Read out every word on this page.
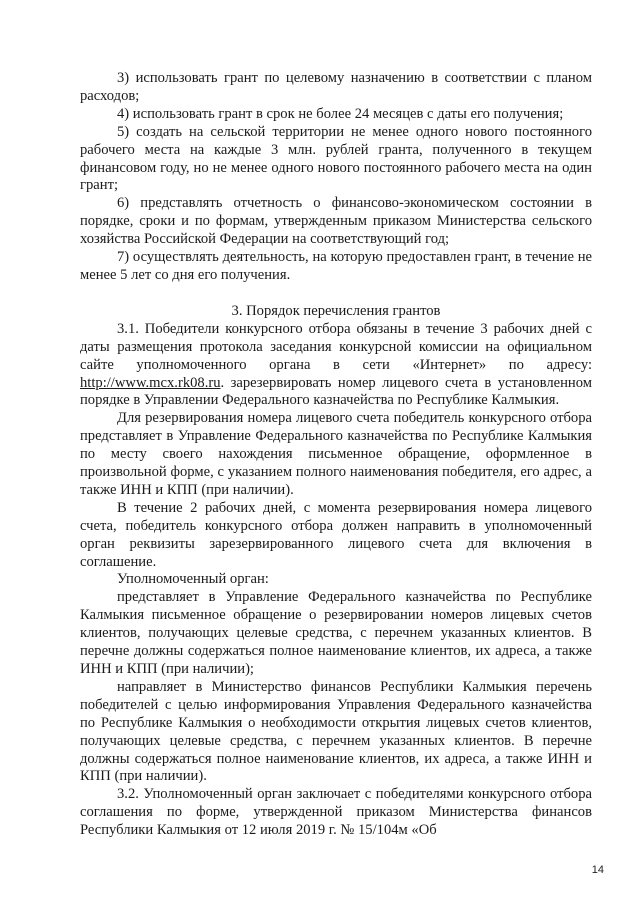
3) использовать грант по целевому назначению в соответствии с планом расходов;

4) использовать грант в срок не более 24 месяцев с даты его получения;

5) создать на сельской территории не менее одного нового постоянного рабочего места на каждые 3 млн. рублей гранта, полученного в текущем финансовом году, но не менее одного нового постоянного рабочего места на один грант;

6) представлять отчетность о финансово-экономическом состоянии в порядке, сроки и по формам, утвержденным приказом Министерства сельского хозяйства Российской Федерации на соответствующий год;

7) осуществлять деятельность, на которую предоставлен грант, в течение не менее 5 лет со дня его получения.

3. Порядок перечисления грантов

3.1. Победители конкурсного отбора обязаны в течение 3 рабочих дней с даты размещения протокола заседания конкурсной комиссии на официальном сайте уполномоченного органа в сети «Интернет» по адресу: http://www.mcx.rk08.ru. зарезервировать номер лицевого счета в установленном порядке в Управлении Федерального казначейства по Республике Калмыкия.

Для резервирования номера лицевого счета победитель конкурсного отбора представляет в Управление Федерального казначейства по Республике Калмыкия по месту своего нахождения письменное обращение, оформленное в произвольной форме, с указанием полного наименования победителя, его адрес, а также ИНН и КПП (при наличии).

В течение 2 рабочих дней, с момента резервирования номера лицевого счета, победитель конкурсного отбора должен направить в уполномоченный орган реквизиты зарезервированного лицевого счета для включения в соглашение.

Уполномоченный орган:

представляет в Управление Федерального казначейства по Республике Калмыкия письменное обращение о резервировании номеров лицевых счетов клиентов, получающих целевые средства, с перечнем указанных клиентов. В перечне должны содержаться полное наименование клиентов, их адреса, а также ИНН и КПП (при наличии);

направляет в Министерство финансов Республики Калмыкия перечень победителей с целью информирования Управления Федерального казначейства по Республике Калмыкия о необходимости открытия лицевых счетов клиентов, получающих целевые средства, с перечнем указанных клиентов. В перечне должны содержаться полное наименование клиентов, их адреса, а также ИНН и КПП (при наличии).

3.2. Уполномоченный орган заключает с победителями конкурсного отбора соглашения по форме, утвержденной приказом Министерства финансов Республики Калмыкия от 12 июля 2019 г. № 15/104м «Об

14
